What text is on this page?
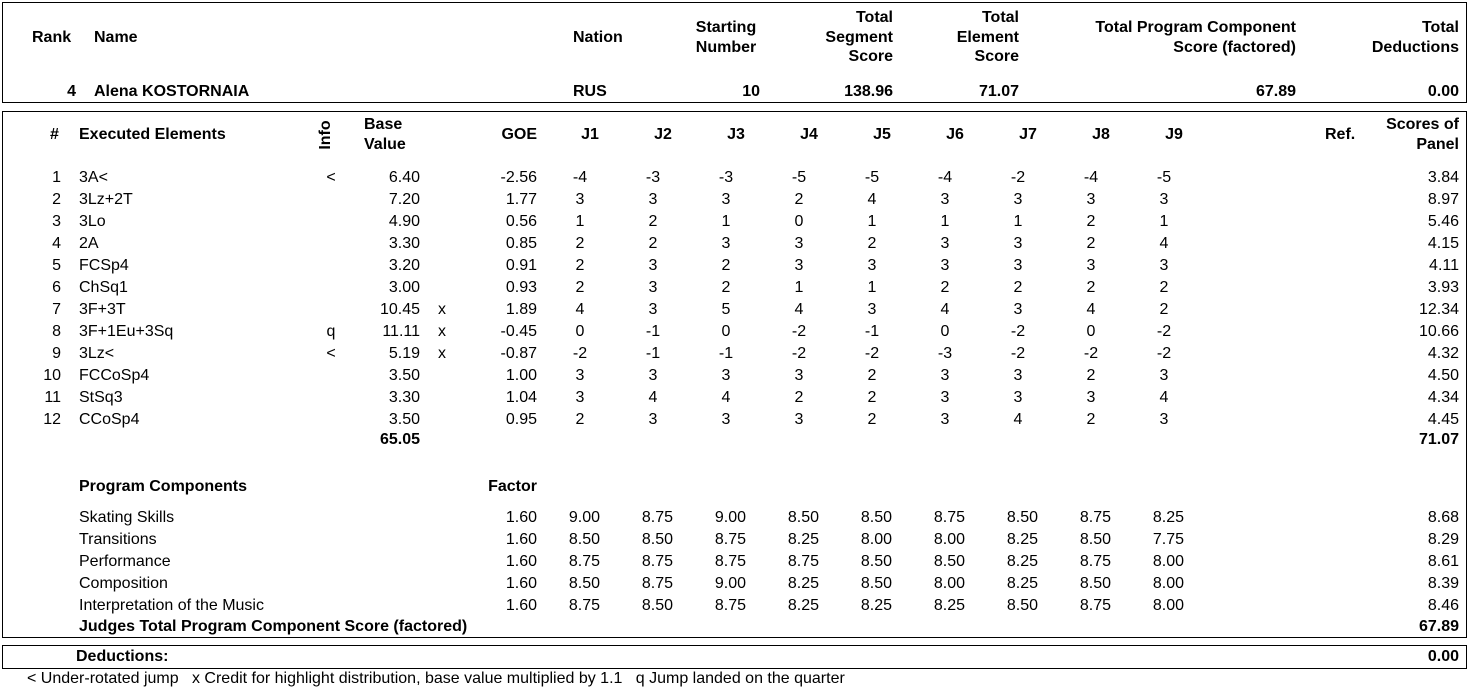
Rank Name	Nation
Starting
Number
Total
Segment
Score
Total
Element
Score
Total Program Component
Score (factored)
Total
Deductions
4 Alena KOSTORNAIA	RUS	10	138.96	71.07	67.89	0.00
# Executed Elements	Info Base
Value
GOE	J1	J2	J3	J4	J5	J6	J7	J8	J9	Ref.
Scores of
Panel
1 3A<	<	6.40	-2.56	-4	-3	-3	-5	-5	-4	-2	-4	-5	3.84
2 3Lz+2T	7.20	1.77	3	3	3	2	4	3	3	3	3	8.97
3 3Lo	4.90	0.56	1	2	1	0	1	1	1	2	1	5.46
4 2A	3.30	0.85	2	2	3	3	2	3	3	2	4	4.15
5 FCSp4	3.20	0.91	2	3	2	3	3	3	3	3	3	4.11
6 ChSq1	3.00	0.93	2	3	2	1	1	2	2	2	2	3.93
7 3F+3T	10.45	x	1.89	4	3	5	4	3	4	3	4	2	12.34
8 3F+1Eu+3Sq	q	11.11	x	-0.45	0	-1	0	-2	-1	0	-2	0	-2	10.66
9 3Lz<	<	5.19	x	-0.87	-2	-1	-1	-2	-2	-3	-2	-2	-2	4.32
10 FCCoSp4	3.50	1.00	3	3	3	3	2	3	3	2	3	4.50
11 StSq3	3.30	1.04	3	4	4	2	2	3	3	3	4	4.34
12 CCoSp4	3.50	0.95	2	3	3	3	2	3	4	2	3	4.45
65.05	71.07
Program Components	Factor
Skating Skills	1.60	9.00	8.75	9.00	8.50	8.50	8.75	8.50	8.75	8.25	8.68
Transitions	1.60	8.50	8.50	8.75	8.25	8.00	8.00	8.25	8.50	7.75	8.29
Performance	1.60	8.75	8.75	8.75	8.75	8.50	8.50	8.25	8.75	8.00	8.61
Composition	1.60	8.50	8.75	9.00	8.25	8.50	8.00	8.25	8.50	8.00	8.39
Interpretation of the Music	1.60	8.75	8.50	8.75	8.25	8.25	8.25	8.50	8.75	8.00	8.46
Judges Total Program Component Score (factored)	67.89
Deductions:	0.00
< Under-rotated jump   x Credit for highlight distribution, base value multiplied by 1.1   q Jump landed on the quarter
